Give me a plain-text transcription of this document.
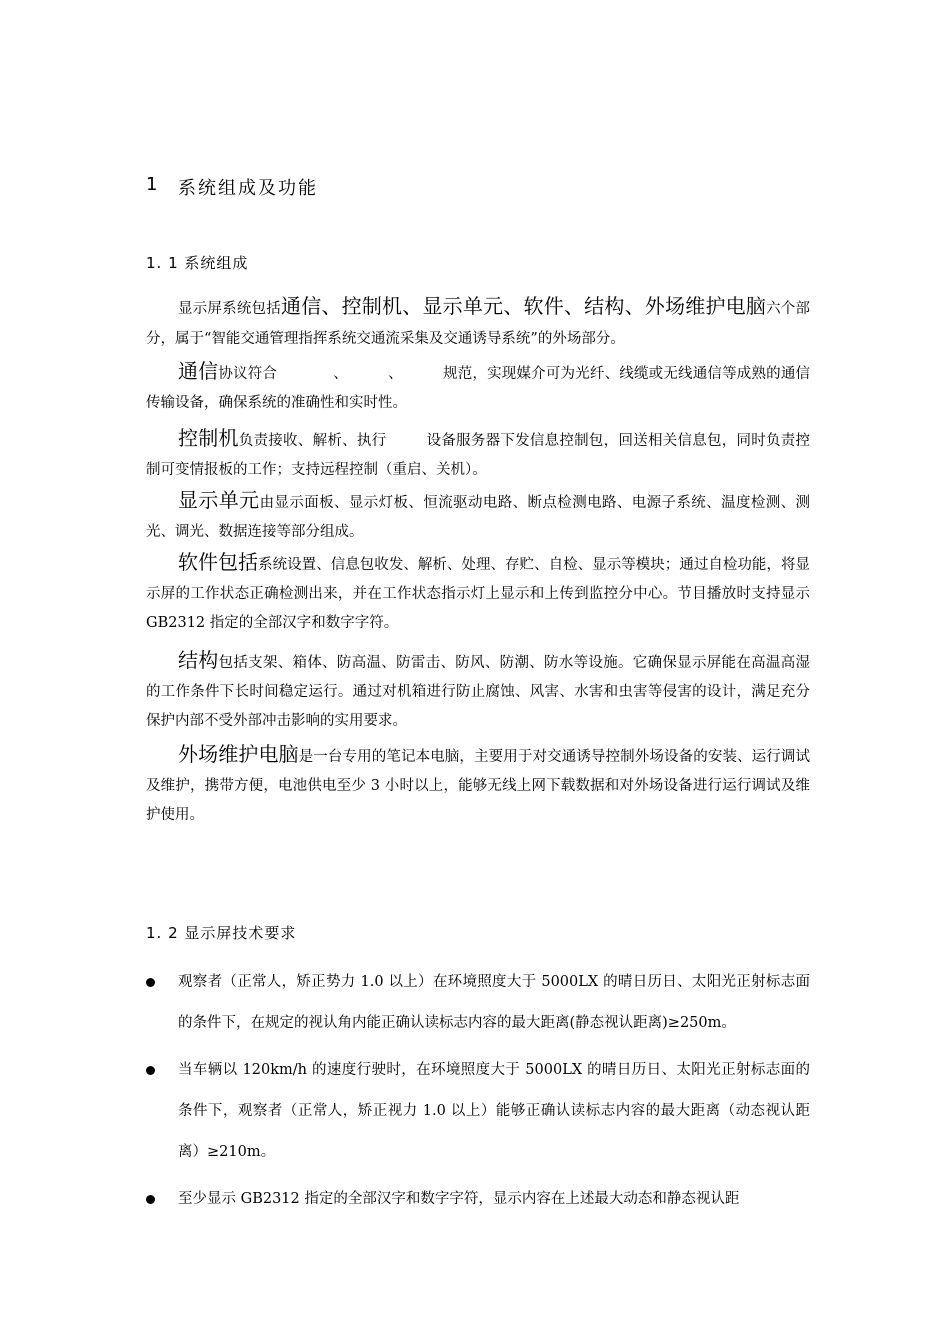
1 系统组成及功能
1. 1 系统组成

显示屏系统包括通信、控制机、显示单元、软件、结构、外场维护电脑六个部分，属于“智能交通管理指挥系统交通流采集及交通诱导系统”的外场部分。

通信协议符合	、	、	规范，实现媒介可为光纤、线缆或无线通信等成熟的通信传输设备，确保系统的准确性和实时性。

控制机负责接收、解析、执行	设备服务器下发信息控制包，回送相关信息包，同时负责控制可变情报板的工作；支持远程控制（重启、关机）。

显示单元由显示面板、显示灯板、恒流驱动电路、断点检测电路、电源子系统、温度检测、测光、调光、数据连接等部分组成。

软件包括系统设置、信息包收发、解析、处理、存贮、自检、显示等模块；通过自检功能，将显示屏的工作状态正确检测出来，并在工作状态指示灯上显示和上传到监控分中心。节目播放时支持显示 GB2312 指定的全部汉字和数字字符。

结构包括支架、箱体、防高温、防雷击、防风、防潮、防水等设施。它确保显示屏能在高温高湿的工作条件下长时间稳定运行。通过对机箱进行防止腐蚀、风害、水害和虫害等侵害的设计，满足充分保护内部不受外部冲击影响的实用要求。

外场维护电脑是一台专用的笔记本电脑，主要用于对交通诱导控制外场设备的安装、运行调试及维护，携带方便，电池供电至少 3 小时以上，能够无线上网下载数据和对外场设备进行运行调试及维护使用。

1. 2 显示屏技术要求
观察者（正常人，矫正势力 1.0 以上）在环境照度大于 5000LX 的晴日历日、太阳光正射标志面的条件下，在规定的视认角内能正确认读标志内容的最大距离(静态视认距离)≥250m。
当车辆以 120km/h 的速度行驶时，在环境照度大于 5000LX 的晴日历日、太阳光正射标志面的条件下，观察者（正常人，矫正视力 1.0 以上）能够正确认读标志内容的最大距离（动态视认距离）≥210m。
至少显示 GB2312 指定的全部汉字和数字字符，显示内容在上述最大动态和静态视认距
